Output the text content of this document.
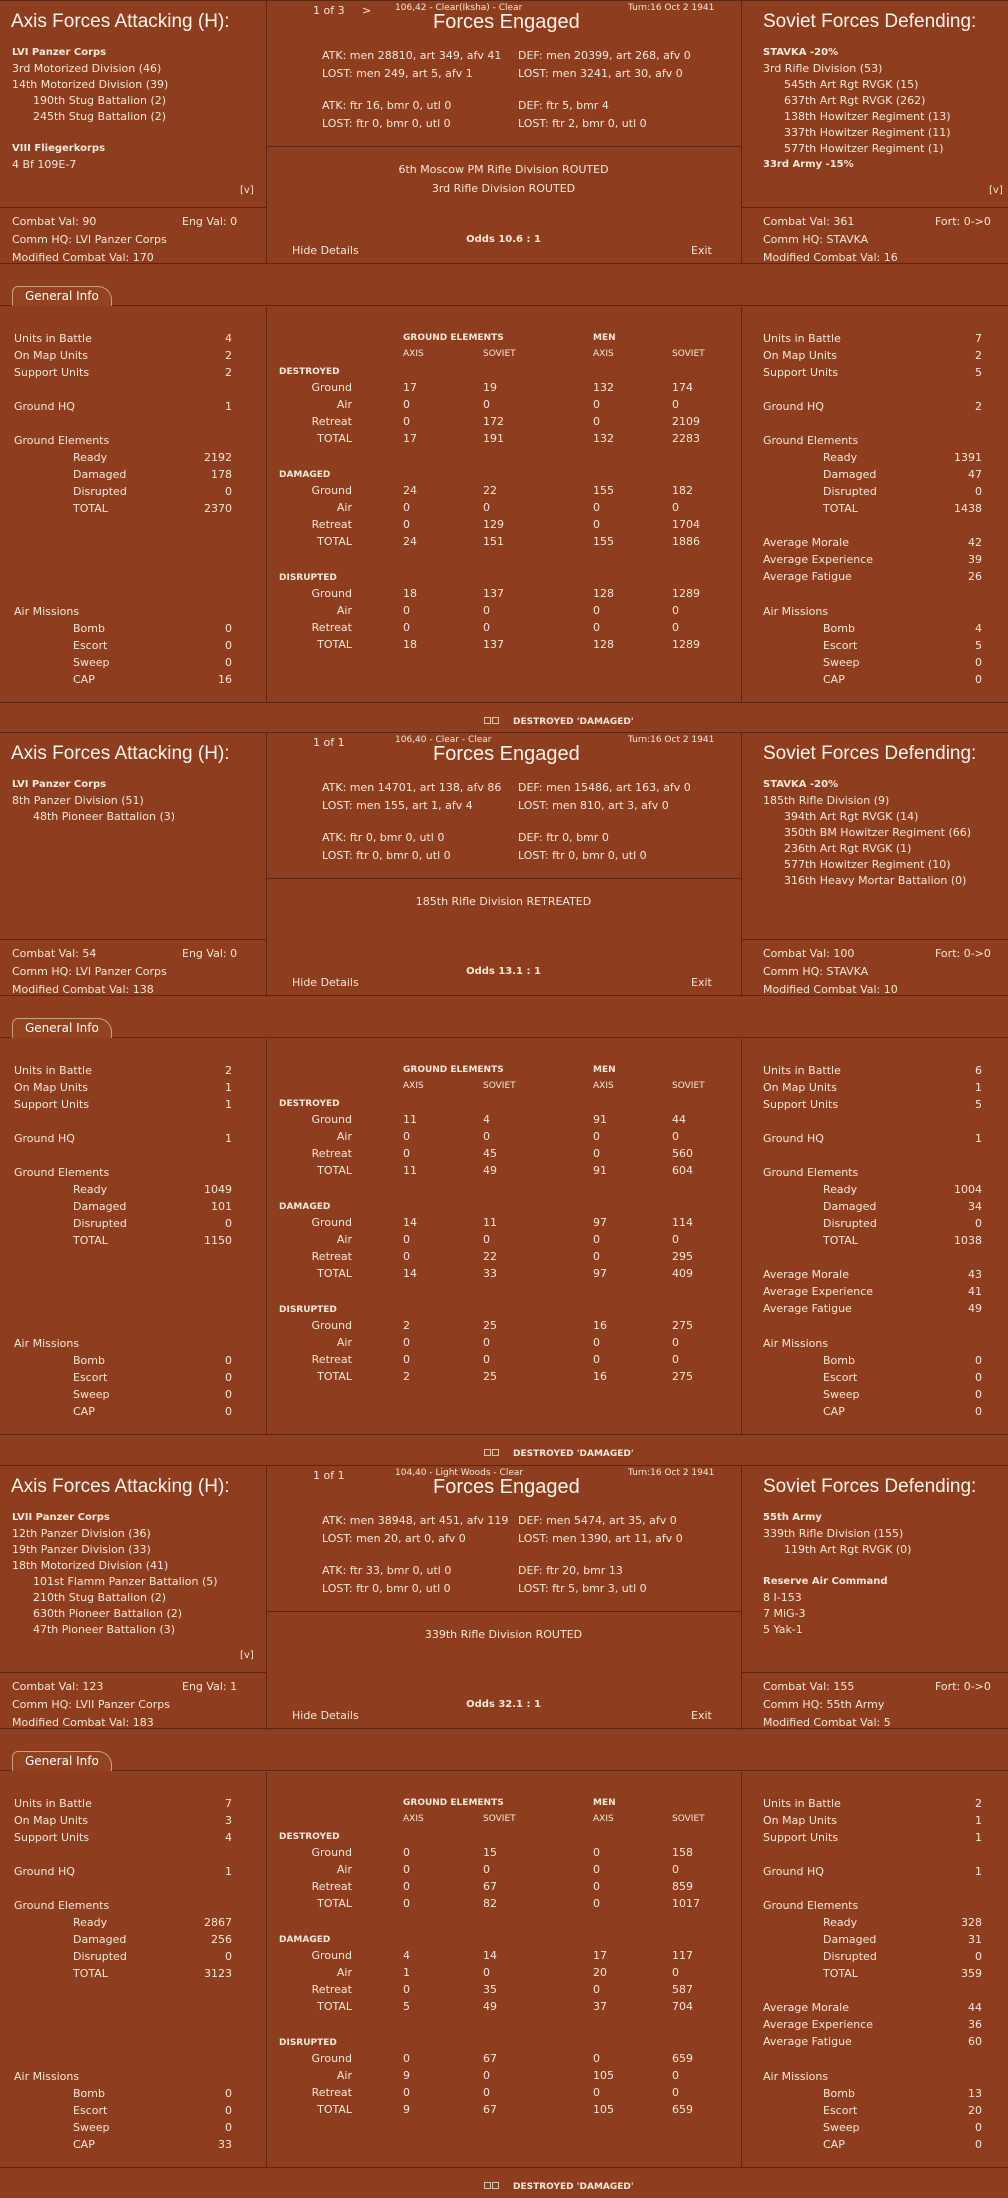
Axis Forces Attacking (H):
LVI Panzer Corps
3rd Motorized Division (46)
14th Motorized Division (39)
190th Stug Battalion (2)
245th Stug Battalion (2)
VIII Fliegerkorps
4 Bf 109E-7
[v]
Combat Val: 90	Eng Val: 0
Comm HQ: LVI Panzer Corps
Modified Combat Val: 170
1 of 3 >	106,42 - Clear(Iksha) - Clear	Turn:16 Oct 2 1941
Forces Engaged
ATK: men 28810, art 349, afv 41
LOST: men 249, art 5, afv 1
ATK: ftr 16, bmr 0, utl 0
LOST: ftr 0, bmr 0, utl 0
DEF: men 20399, art 268, afv 0
LOST: men 3241, art 30, afv 0
DEF: ftr 5, bmr 4
LOST: ftr 2, bmr 0, utl 0
6th Moscow PM Rifle Division ROUTED
3rd Rifle Division ROUTED
Odds 10.6 : 1
Hide Details	Exit
Soviet Forces Defending:
STAVKA -20%
3rd Rifle Division (53)
545th Art Rgt RVGK (15)
637th Art Rgt RVGK (262)
138th Howitzer Regiment (13)
337th Howitzer Regiment (11)
577th Howitzer Regiment (1)
33rd Army -15%
[v]
Combat Val: 361	Fort: 0->0
Comm HQ: STAVKA
Modified Combat Val: 16
General Info
Units in Battle	4
On Map Units	2
Support Units	2
Ground HQ	1
Ground Elements
Ready	2192
Damaged	178
Disrupted	0
TOTAL	2370
Air Missions
Bomb	0
Escort	0
Sweep	0
CAP	16
Units in Battle	7
On Map Units	2
Support Units	5
Ground HQ	2
Ground Elements
Ready	1391
Damaged	47
Disrupted	0
TOTAL	1438
Average Morale	42
Average Experience	39
Average Fatigue	26
Air Missions
Bomb	4
Escort	5
Sweep	0
CAP	0
GROUND ELEMENTS	MEN
AXIS	SOVIET	AXIS	SOVIET
DESTROYED
Ground	17	19	132	174
Air	0	0	0	0
Retreat	0	172	0	2109
TOTAL	17	191	132	2283
DAMAGED
Ground	24	22	155	182
Air	0	0	0	0
Retreat	0	129	0	1704
TOTAL	24	151	155	1886
DISRUPTED
Ground	18	137	128	1289
Air	0	0	0	0
Retreat	0	0	0	0
TOTAL	18	137	128	1289
DESTROYED 'DAMAGED'
Axis Forces Attacking (H):
LVI Panzer Corps
8th Panzer Division (51)
48th Pioneer Battalion (3)
Combat Val: 54	Eng Val: 0
Comm HQ: LVI Panzer Corps
Modified Combat Val: 138
1 of 1	106,40 - Clear - Clear	Turn:16 Oct 2 1941
Forces Engaged
ATK: men 14701, art 138, afv 86
LOST: men 155, art 1, afv 4
ATK: ftr 0, bmr 0, utl 0
LOST: ftr 0, bmr 0, utl 0
DEF: men 15486, art 163, afv 0
LOST: men 810, art 3, afv 0
DEF: ftr 0, bmr 0
LOST: ftr 0, bmr 0, utl 0
185th Rifle Division RETREATED
Odds 13.1 : 1
Hide Details	Exit
Soviet Forces Defending:
STAVKA -20%
185th Rifle Division (9)
394th Art Rgt RVGK (14)
350th BM Howitzer Regiment (66)
236th Art Rgt RVGK (1)
577th Howitzer Regiment (10)
316th Heavy Mortar Battalion (0)
Combat Val: 100	Fort: 0->0
Comm HQ: STAVKA
Modified Combat Val: 10
General Info
Units in Battle	2
On Map Units	1
Support Units	1
Ground HQ	1
Ground Elements
Ready	1049
Damaged	101
Disrupted	0
TOTAL	1150
Air Missions
Bomb	0
Escort	0
Sweep	0
CAP	0
Units in Battle	6
On Map Units	1
Support Units	5
Ground HQ	1
Ground Elements
Ready	1004
Damaged	34
Disrupted	0
TOTAL	1038
Average Morale	43
Average Experience	41
Average Fatigue	49
Air Missions
Bomb	0
Escort	0
Sweep	0
CAP	0
GROUND ELEMENTS	MEN
AXIS	SOVIET	AXIS	SOVIET
DESTROYED
Ground	11	4	91	44
Air	0	0	0	0
Retreat	0	45	0	560
TOTAL	11	49	91	604
DAMAGED
Ground	14	11	97	114
Air	0	0	0	0
Retreat	0	22	0	295
TOTAL	14	33	97	409
DISRUPTED
Ground	2	25	16	275
Air	0	0	0	0
Retreat	0	0	0	0
TOTAL	2	25	16	275
DESTROYED 'DAMAGED'
Axis Forces Attacking (H):
LVII Panzer Corps
12th Panzer Division (36)
19th Panzer Division (33)
18th Motorized Division (41)
101st Flamm Panzer Battalion (5)
210th Stug Battalion (2)
630th Pioneer Battalion (2)
47th Pioneer Battalion (3)
[v]
Combat Val: 123	Eng Val: 1
Comm HQ: LVII Panzer Corps
Modified Combat Val: 183
1 of 1	104,40 - Light Woods - Clear	Turn:16 Oct 2 1941
Forces Engaged
ATK: men 38948, art 451, afv 119
LOST: men 20, art 0, afv 0
ATK: ftr 33, bmr 0, utl 0
LOST: ftr 0, bmr 0, utl 0
DEF: men 5474, art 35, afv 0
LOST: men 1390, art 11, afv 0
DEF: ftr 20, bmr 13
LOST: ftr 5, bmr 3, utl 0
339th Rifle Division ROUTED
Odds 32.1 : 1
Hide Details	Exit
Soviet Forces Defending:
55th Army
339th Rifle Division (155)
119th Art Rgt RVGK (0)
Reserve Air Command
8 I-153
7 MiG-3
5 Yak-1
Combat Val: 155	Fort: 0->0
Comm HQ: 55th Army
Modified Combat Val: 5
General Info
Units in Battle	7
On Map Units	3
Support Units	4
Ground HQ	1
Ground Elements
Ready	2867
Damaged	256
Disrupted	0
TOTAL	3123
Air Missions
Bomb	0
Escort	0
Sweep	0
CAP	33
Units in Battle	2
On Map Units	1
Support Units	1
Ground HQ	1
Ground Elements
Ready	328
Damaged	31
Disrupted	0
TOTAL	359
Average Morale	44
Average Experience	36
Average Fatigue	60
Air Missions
Bomb	13
Escort	20
Sweep	0
CAP	0
GROUND ELEMENTS	MEN
AXIS	SOVIET	AXIS	SOVIET
DESTROYED
Ground	0	15	0	158
Air	0	0	0	0
Retreat	0	67	0	859
TOTAL	0	82	0	1017
DAMAGED
Ground	4	14	17	117
Air	1	0	20	0
Retreat	0	35	0	587
TOTAL	5	49	37	704
DISRUPTED
Ground	0	67	0	659
Air	9	0	105	0
Retreat	0	0	0	0
TOTAL	9	67	105	659
DESTROYED 'DAMAGED'
